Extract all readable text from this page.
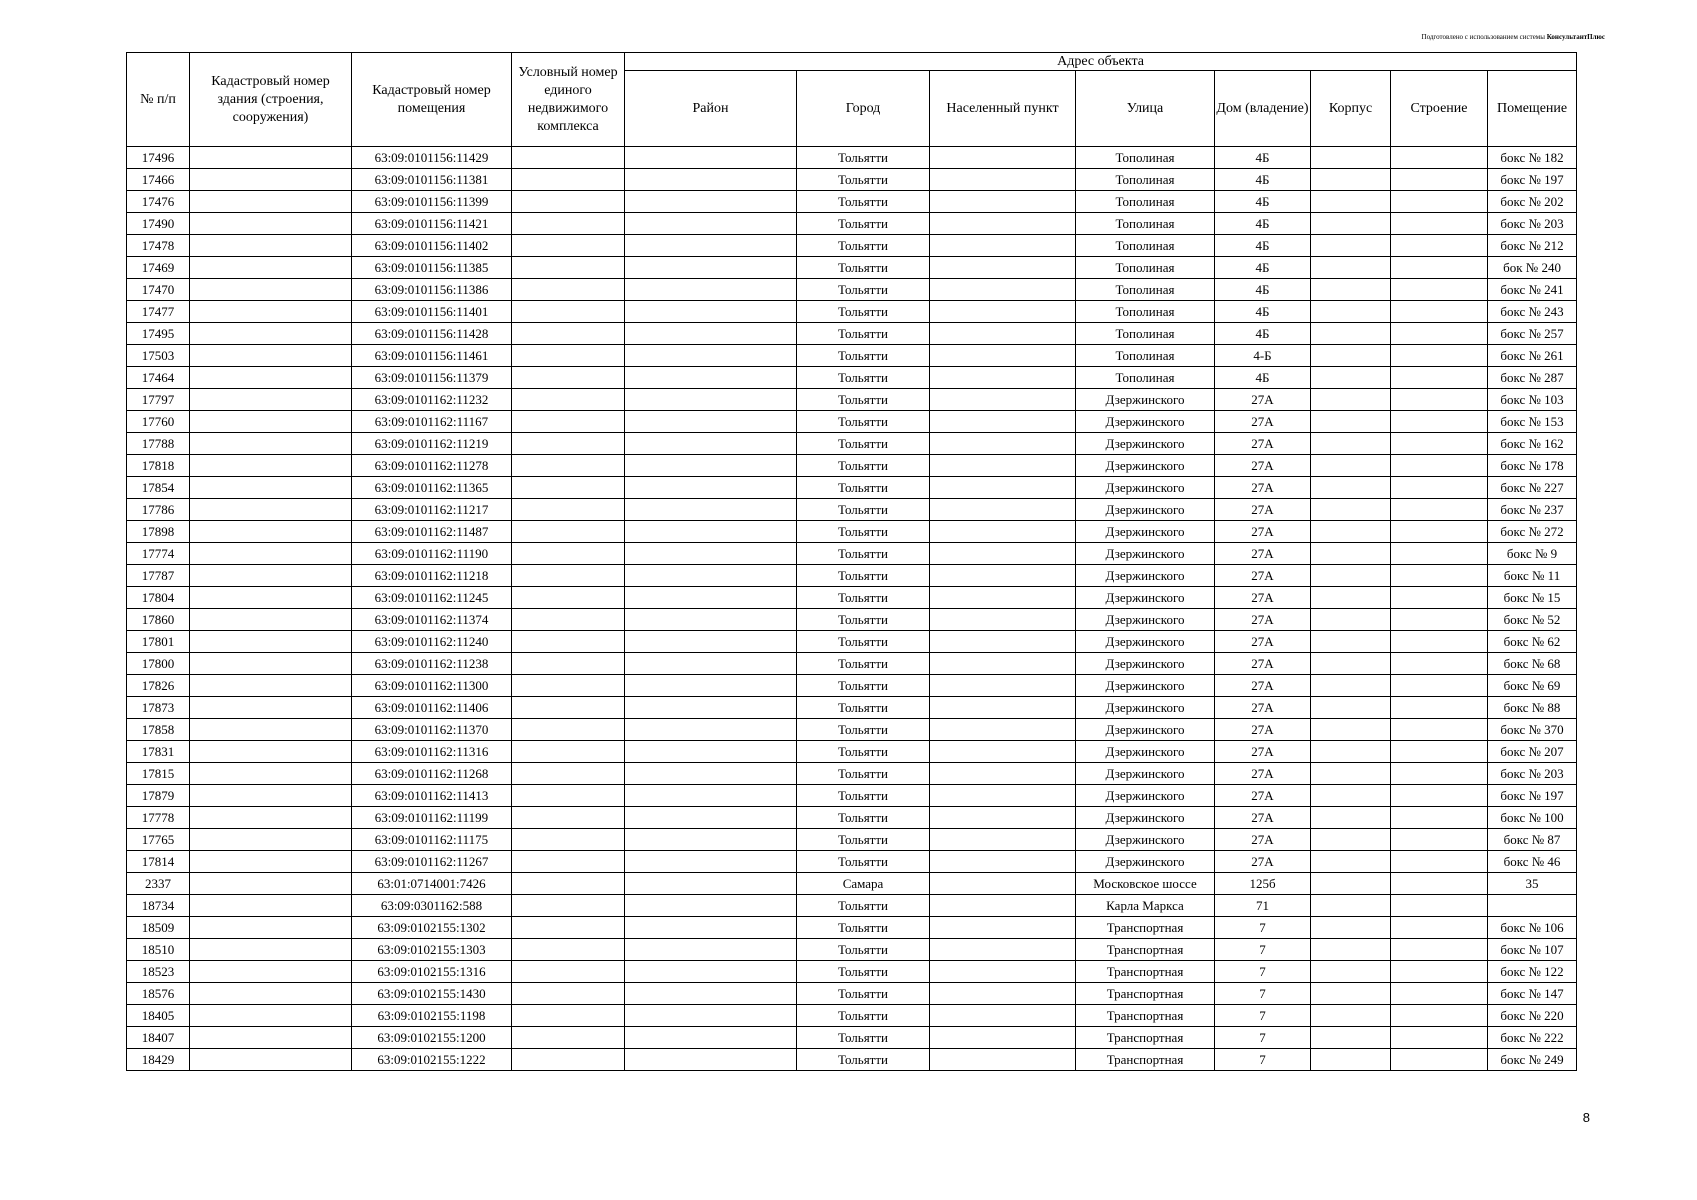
Подготовлено с использованием системы КонсультантПлюс
№ п/п	Кадастровый номер здания (строения, сооружения)	Кадастровый номер помещения	Условный номер единого недвижимого комплекса	Адрес объекта							
				Район	Город	Населенный пункт	Улица	Дом (владение)	Корпус	Строение	Помещение
17496		63:09:0101156:11429			Тольятти		Тополиная	4Б			бокс № 182
17466		63:09:0101156:11381			Тольятти		Тополиная	4Б			бокс № 197
17476		63:09:0101156:11399			Тольятти		Тополиная	4Б			бокс № 202
17490		63:09:0101156:11421			Тольятти		Тополиная	4Б			бокс № 203
17478		63:09:0101156:11402			Тольятти		Тополиная	4Б			бокс № 212
17469		63:09:0101156:11385			Тольятти		Тополиная	4Б			бок № 240
17470		63:09:0101156:11386			Тольятти		Тополиная	4Б			бокс № 241
17477		63:09:0101156:11401			Тольятти		Тополиная	4Б			бокс № 243
17495		63:09:0101156:11428			Тольятти		Тополиная	4Б			бокс № 257
17503		63:09:0101156:11461			Тольятти		Тополиная	4-Б			бокс № 261
17464		63:09:0101156:11379			Тольятти		Тополиная	4Б			бокс № 287
17797		63:09:0101162:11232			Тольятти		Дзержинского	27А			бокс № 103
17760		63:09:0101162:11167			Тольятти		Дзержинского	27А			бокс № 153
17788		63:09:0101162:11219			Тольятти		Дзержинского	27А			бокс № 162
17818		63:09:0101162:11278			Тольятти		Дзержинского	27А			бокс № 178
17854		63:09:0101162:11365			Тольятти		Дзержинского	27А			бокс № 227
17786		63:09:0101162:11217			Тольятти		Дзержинского	27А			бокс № 237
17898		63:09:0101162:11487			Тольятти		Дзержинского	27А			бокс № 272
17774		63:09:0101162:11190			Тольятти		Дзержинского	27А			бокс № 9
17787		63:09:0101162:11218			Тольятти		Дзержинского	27А			бокс № 11
17804		63:09:0101162:11245			Тольятти		Дзержинского	27А			бокс № 15
17860		63:09:0101162:11374			Тольятти		Дзержинского	27А			бокс № 52
17801		63:09:0101162:11240			Тольятти		Дзержинского	27А			бокс № 62
17800		63:09:0101162:11238			Тольятти		Дзержинского	27А			бокс № 68
17826		63:09:0101162:11300			Тольятти		Дзержинского	27А			бокс № 69
17873		63:09:0101162:11406			Тольятти		Дзержинского	27А			бокс № 88
17858		63:09:0101162:11370			Тольятти		Дзержинского	27А			бокс № 370
17831		63:09:0101162:11316			Тольятти		Дзержинского	27А			бокс № 207
17815		63:09:0101162:11268			Тольятти		Дзержинского	27А			бокс № 203
17879		63:09:0101162:11413			Тольятти		Дзержинского	27А			бокс № 197
17778		63:09:0101162:11199			Тольятти		Дзержинского	27А			бокс № 100
17765		63:09:0101162:11175			Тольятти		Дзержинского	27А			бокс № 87
17814		63:09:0101162:11267			Тольятти		Дзержинского	27А			бокс № 46
2337		63:01:0714001:7426			Самара		Московское шоссе	125б			35
18734		63:09:0301162:588			Тольятти		Карла Маркса	71			
18509		63:09:0102155:1302			Тольятти		Транспортная	7			бокс № 106
18510		63:09:0102155:1303			Тольятти		Транспортная	7			бокс № 107
18523		63:09:0102155:1316			Тольятти		Транспортная	7			бокс № 122
18576		63:09:0102155:1430			Тольятти		Транспортная	7			бокс № 147
18405		63:09:0102155:1198			Тольятти		Транспортная	7			бокс № 220
18407		63:09:0102155:1200			Тольятти		Транспортная	7			бокс № 222
18429		63:09:0102155:1222			Тольятти		Транспортная	7			бокс № 249
8
